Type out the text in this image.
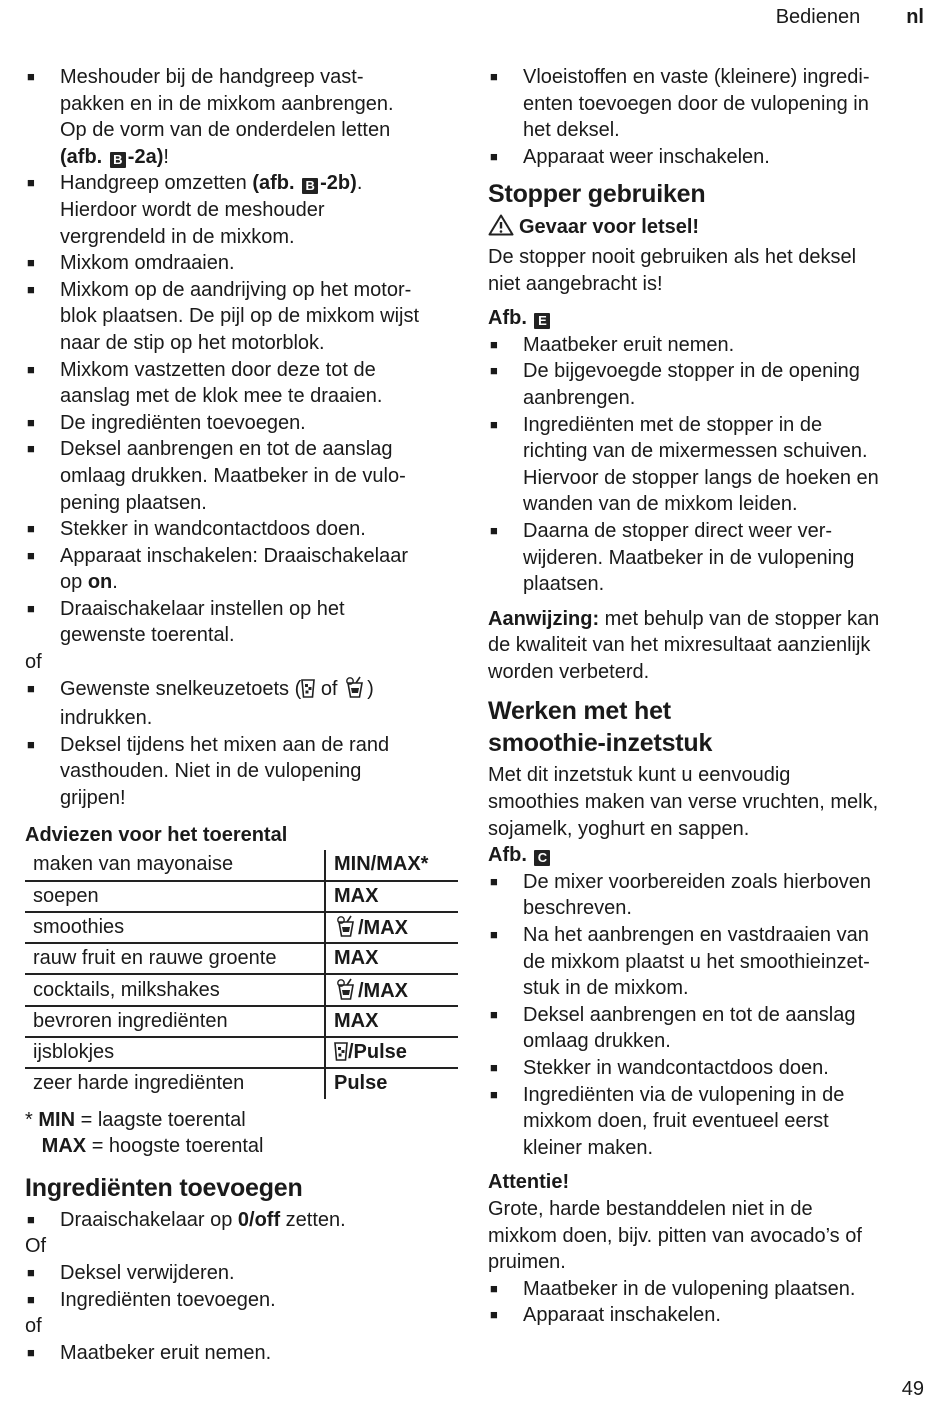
Bedienen nl
■ Meshouder bij de handgreep vast-
pakken en in de mixkom aanbrengen.
Op de vorm van de onderdelen letten
(afb. B -2a)!
■ Handgreep omzetten (afb. B -2b).
Hierdoor wordt de meshouder
vergrendeld in de mixkom.
■ Mixkom omdraaien.
■ Mixkom op de aandrijving op het motor-
blok plaatsen. De pijl op de mixkom wijst
naar de stip op het motorblok.
■ Mixkom vastzetten door deze tot de
aanslag met de klok mee te draaien.
■ De ingrediënten toevoegen.
■ Deksel aanbrengen en tot de aanslag
omlaag drukken. Maatbeker in de vulo-
pening plaatsen.
■ Stekker in wandcontactdoos doen.
■ Apparaat inschakelen: Draaischakelaar
op on.
■ Draaischakelaar instellen op het
gewenste toerental.

of

■ Gewenste snelkeuzetoets ( of )
indrukken.
■ Deksel tijdens het mixen aan de rand
vasthouden. Niet in de vulopening
grijpen!

Adviezen voor het toerental

maken van mayonaise	MIN/MAX*
soepen	MAX
smoothies	/MAX
rauw fruit en rauwe groente	MAX
cocktails, milkshakes	/MAX
bevroren ingrediënten	MAX
ijsblokjes	/Pulse
zeer harde ingrediënten	Pulse

* MIN = laagste toerental
MAX = hoogste toerental

Ingrediënten toevoegen
■ Draaischakelaar op 0/off zetten.

Of

■ Deksel verwijderen.
■ Ingrediënten toevoegen.

of

■ Maatbeker eruit nemen.
■ Vloeistoffen en vaste (kleinere) ingredi-
enten toevoegen door de vulopening in
het deksel.
■ Apparaat weer inschakelen.
Stopper gebruiken

Gevaar voor letsel!

De stopper nooit gebruiken als het deksel
niet aangebracht is!

Afb. E

■ Maatbeker eruit nemen.
■ De bijgevoegde stopper in de opening
aanbrengen.
■ Ingrediënten met de stopper in de
richting van de mixermessen schuiven.
Hiervoor de stopper langs de hoeken en
wanden van de mixkom leiden.
■ Daarna de stopper direct weer ver-
wijderen. Maatbeker in de vulopening
plaatsen.

Aanwijzing: met behulp van de stopper kan
de kwaliteit van het mixresultaat aanzienlijk
worden verbeterd.

Werken met het
smoothie-inzetstuk

Met dit inzetstuk kunt u eenvoudig
smoothies maken van verse vruchten, melk,
sojamelk, yoghurt en sappen.

Afb. C

■ De mixer voorbereiden zoals hierboven
beschreven.
■ Na het aanbrengen en vastdraaien van
de mixkom plaatst u het smoothieinzet-
stuk in de mixkom.
■ Deksel aanbrengen en tot de aanslag
omlaag drukken.
■ Stekker in wandcontactdoos doen.
■ Ingrediënten via de vulopening in de
mixkom doen, fruit eventueel eerst
kleiner maken.

Attentie!

Grote, harde bestanddelen niet in de
mixkom doen, bijv. pitten van avocado’s of
pruimen.

■ Maatbeker in de vulopening plaatsen.
■ Apparaat inschakelen.
49
